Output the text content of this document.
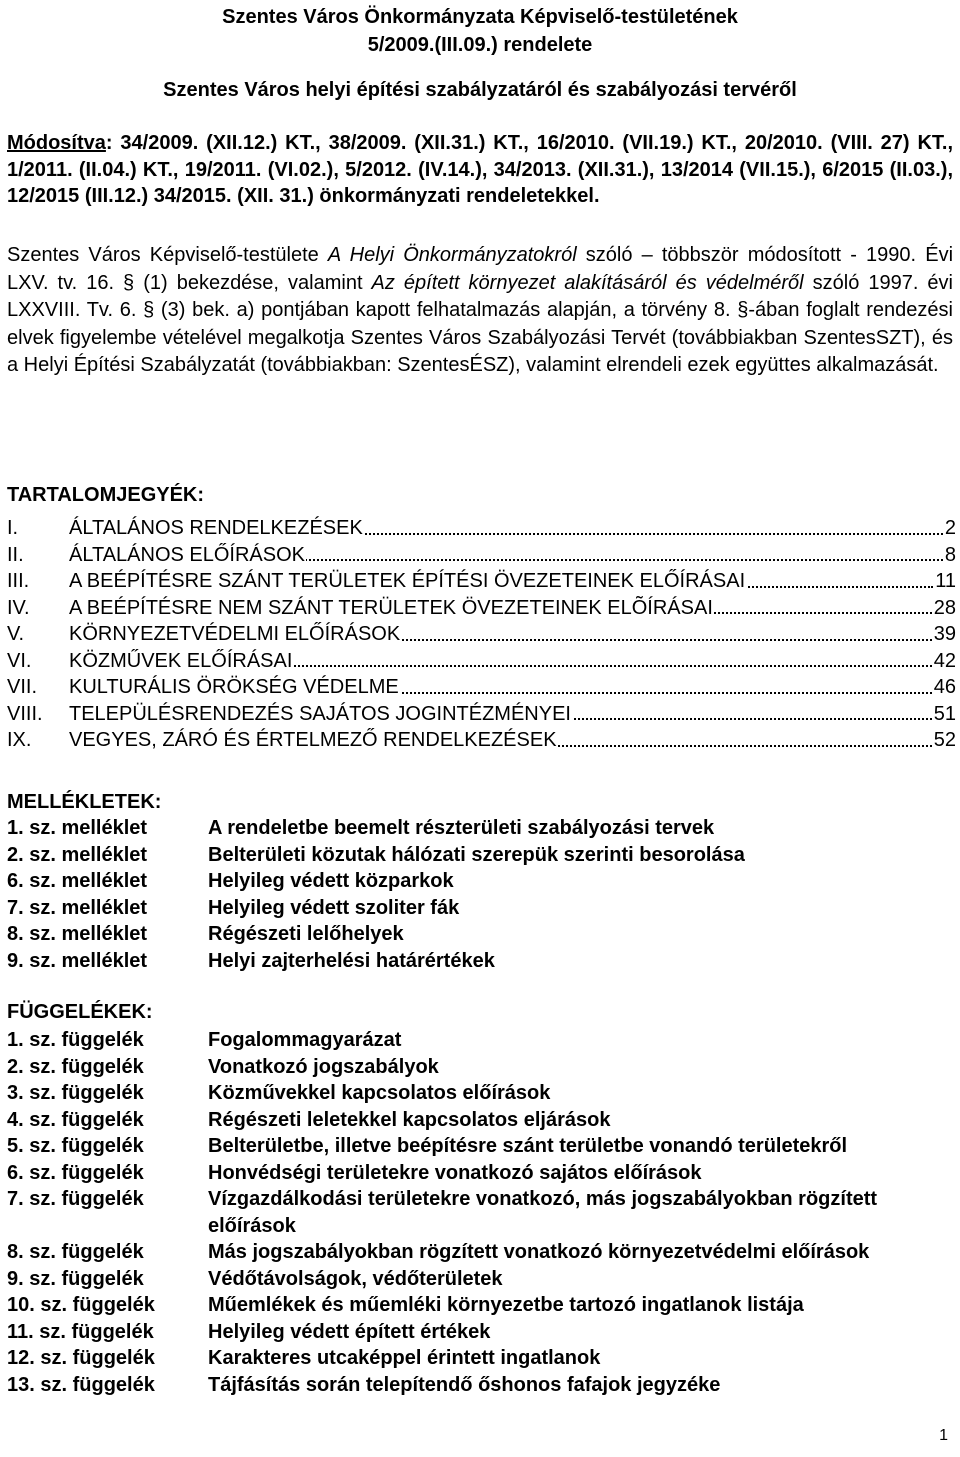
Szentes Város Önkormányzata Képviselő-testületének
5/2009.(III.09.) rendelete
Szentes Város helyi építési szabályzatáról és szabályozási tervéről
Módosítva: 34/2009. (XII.12.) KT., 38/2009. (XII.31.) KT., 16/2010. (VII.19.) KT., 20/2010. (VIII. 27) KT., 1/2011. (II.04.) KT., 19/2011. (VI.02.), 5/2012. (IV.14.), 34/2013. (XII.31.), 13/2014 (VII.15.), 6/2015 (II.03.), 12/2015 (III.12.) 34/2015. (XII. 31.) önkormányzati rendeletekkel.
Szentes Város Képviselő-testülete A Helyi Önkormányzatokról szóló – többször módosított - 1990. Évi LXV. tv. 16. § (1) bekezdése, valamint Az épített környezet alakításáról és védelméről szóló 1997. évi LXXVIII. Tv. 6. § (3) bek. a) pontjában kapott felhatalmazás alapján, a törvény 8. §-ában foglalt rendezési elvek figyelembe vételével megalkotja Szentes Város Szabályozási Tervét (továbbiakban SzentesSZT), és a Helyi Építési Szabályzatát (továbbiakban: SzentesÉSZ), valamint elrendeli ezek együttes alkalmazását.
TARTALOMJEGYÉK:
I.	ÁLTALÁNOS RENDELKEZÉSEK	2
II.	ÁLTALÁNOS ELŐÍRÁSOK	8
III.	A BEÉPÍTÉSRE SZÁNT TERÜLETEK ÉPÍTÉSI ÖVEZETEINEK ELŐÍRÁSAI	11
IV.	A BEÉPÍTÉSRE NEM SZÁNT TERÜLETEK ÖVEZETEINEK ELÕÍRÁSAI	28
V.	KÖRNYEZETVÉDELMI ELŐÍRÁSOK	39
VI.	KÖZMŰVEK ELŐÍRÁSAI	42
VII.	KULTURÁLIS ÖRÖKSÉG VÉDELME	46
VIII.	TELEPÜLÉSRENDEZÉS SAJÁTOS JOGINTÉZMÉNYEI	51
IX.	VEGYES, ZÁRÓ ÉS ÉRTELMEZŐ RENDELKEZÉSEK	52
MELLÉKLETEK:
1. sz. melléklet	A rendeletbe beemelt részterületi szabályozási tervek
2. sz. melléklet	Belterületi közutak hálózati szerepük szerinti besorolása
6. sz. melléklet	Helyileg védett közparkok
7. sz. melléklet	Helyileg védett szoliter fák
8. sz. melléklet	Régészeti lelőhelyek
9. sz. melléklet	Helyi zajterhelési határértékek
FÜGGELÉKEK:
1. sz. függelék	Fogalommagyarázat
2. sz. függelék	Vonatkozó jogszabályok
3. sz. függelék	Közművekkel kapcsolatos előírások
4. sz. függelék	Régészeti leletekkel kapcsolatos eljárások
5. sz. függelék	Belterületbe, illetve beépítésre szánt területbe vonandó területekről
6. sz. függelék	Honvédségi területekre vonatkozó sajátos előírások
7. sz. függelék	Vízgazdálkodási területekre vonatkozó, más jogszabályokban rögzített előírások
8. sz. függelék	Más jogszabályokban rögzített vonatkozó környezetvédelmi előírások
9. sz. függelék	Védőtávolságok, védőterületek
10. sz. függelék	Műemlékek és műemléki környezetbe tartozó ingatlanok listája
11. sz. függelék	Helyileg védett épített értékek
12. sz. függelék	Karakteres utcaképpel érintett ingatlanok
13. sz. függelék	Tájfásítás során telepítendő őshonos fafajok jegyzéke
1
